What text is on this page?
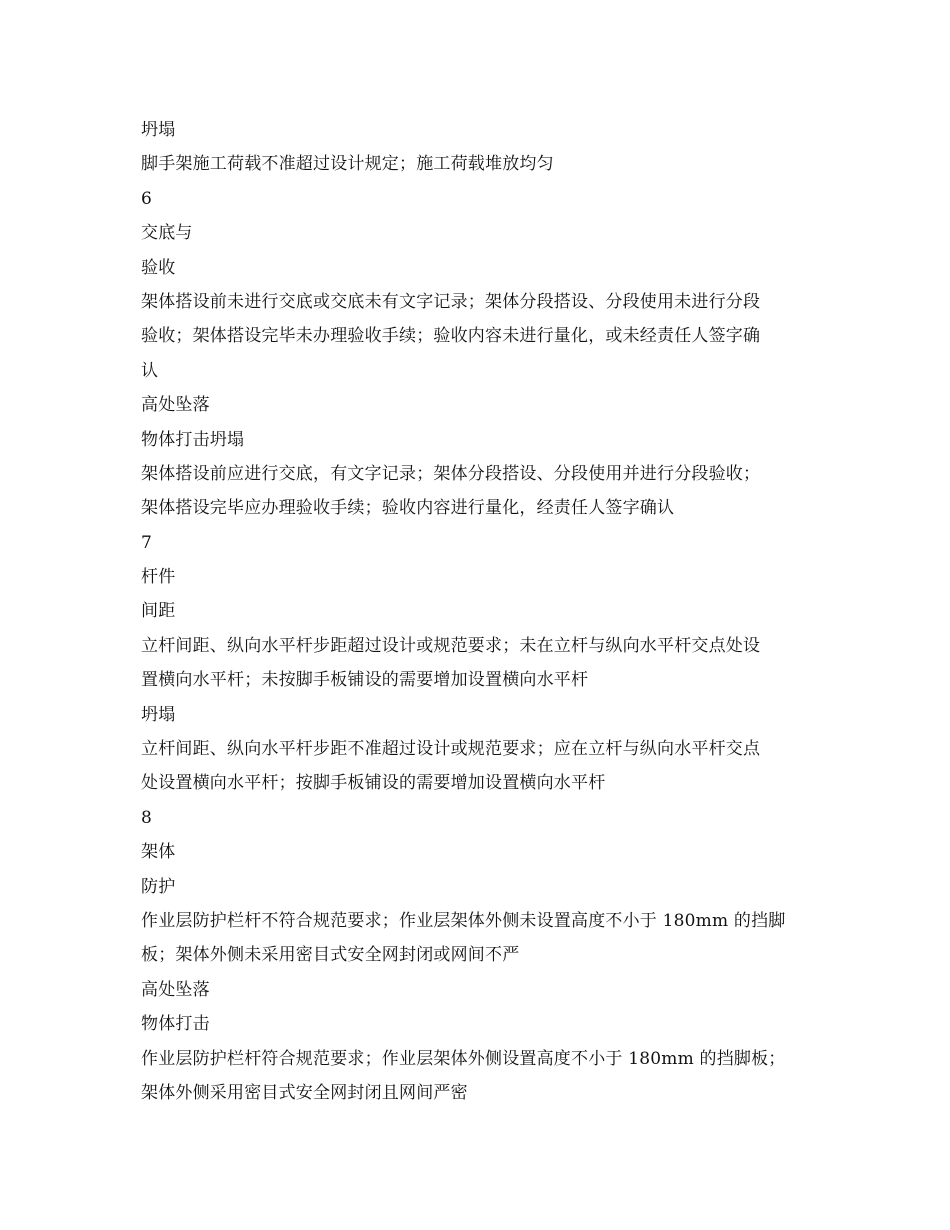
坍塌
脚手架施工荷载不准超过设计规定；施工荷载堆放均匀
6
交底与
验收
架体搭设前未进行交底或交底未有文字记录；架体分段搭设、分段使用未进行分段
验收；架体搭设完毕未办理验收手续；验收内容未进行量化，或未经责任人签字确
认
高处坠落
物体打击坍塌
架体搭设前应进行交底，有文字记录；架体分段搭设、分段使用并进行分段验收；
架体搭设完毕应办理验收手续；验收内容进行量化，经责任人签字确认
7
杆件
间距
立杆间距、纵向水平杆步距超过设计或规范要求；未在立杆与纵向水平杆交点处设
置横向水平杆；未按脚手板铺设的需要增加设置横向水平杆
坍塌
立杆间距、纵向水平杆步距不准超过设计或规范要求；应在立杆与纵向水平杆交点
处设置横向水平杆；按脚手板铺设的需要增加设置横向水平杆
8
架体
防护
作业层防护栏杆不符合规范要求；作业层架体外侧未设置高度不小于 180mm 的挡脚
板；架体外侧未采用密目式安全网封闭或网间不严
高处坠落
物体打击
作业层防护栏杆符合规范要求；作业层架体外侧设置高度不小于 180mm 的挡脚板；
架体外侧采用密目式安全网封闭且网间严密
